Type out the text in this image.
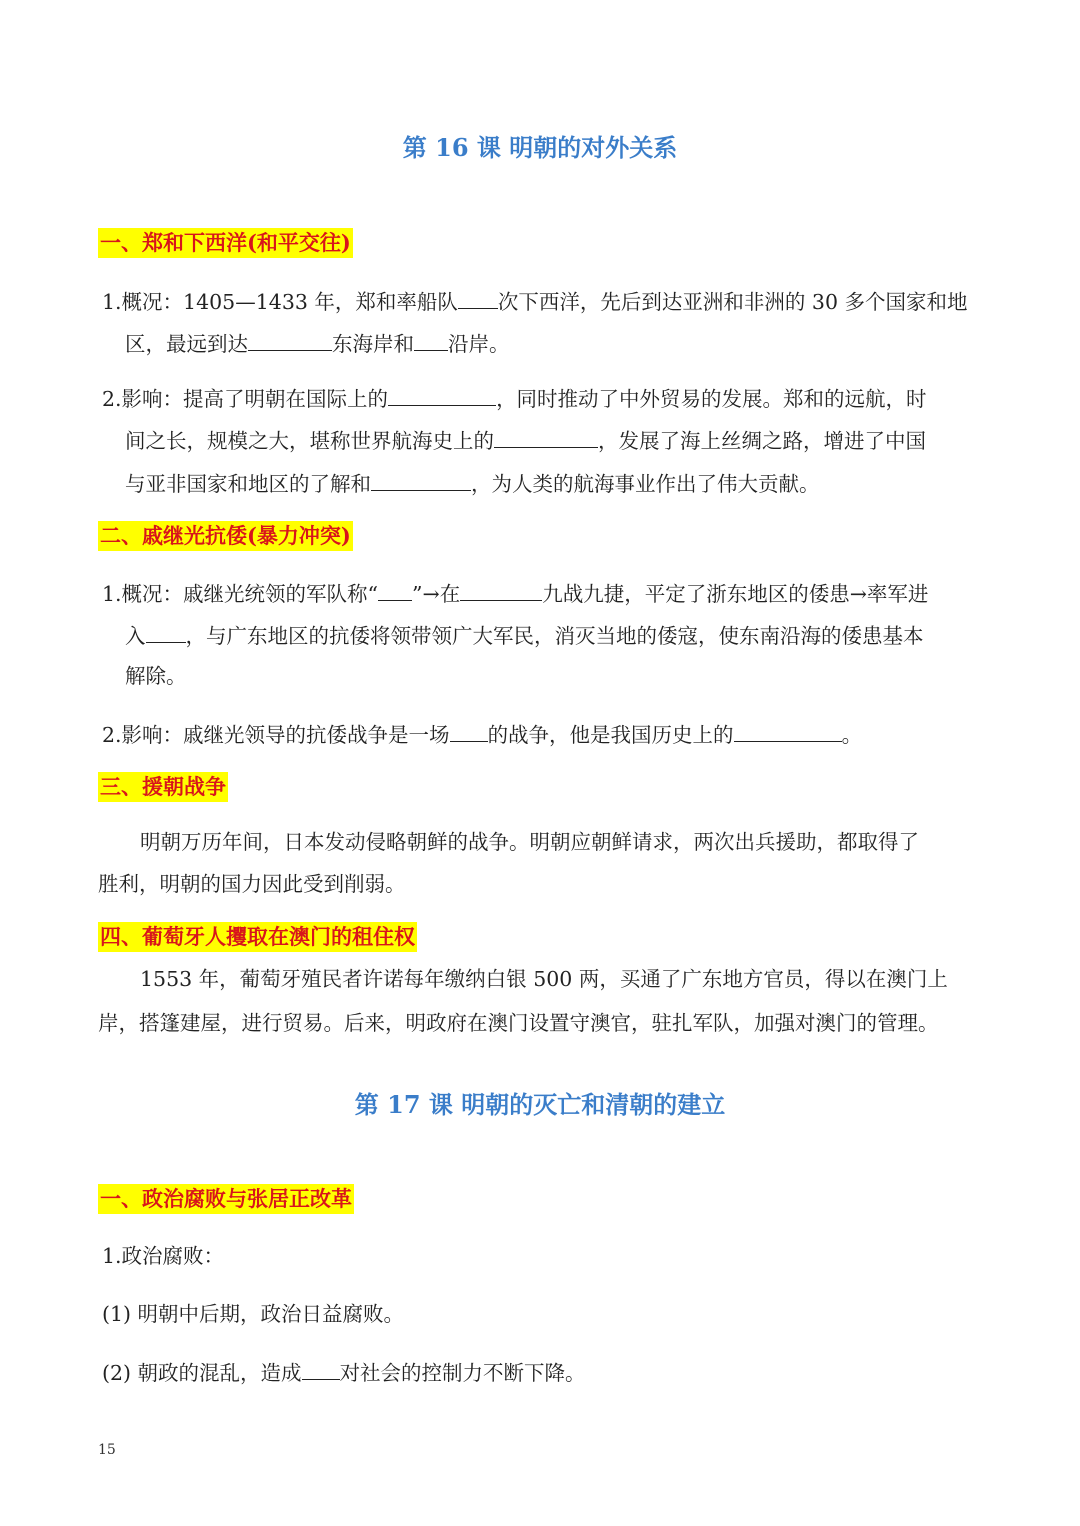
第 16 课 明朝的对外关系
一、郑和下西洋(和平交往)
1.概况：1405—1433 年，郑和率船队 次下西洋，先后到达亚洲和非洲的 30 多个国家和地
区，最远到达	东海岸和 沿岸。
2.影响：提高了明朝在国际上的	，同时推动了中外贸易的发展。郑和的远航，时
间之长，规模之大，堪称世界航海史上的	，发展了海上丝绸之路，增进了中国
与亚非国家和地区的了解和	，为人类的航海事业作出了伟大贡献。
二、戚继光抗倭(暴力冲突)
1.概况：戚继光统领的军队称“ ”→在	九战九捷，平定了浙东地区的倭患→率军进
入 ，与广东地区的抗倭将领带领广大军民，消灭当地的倭寇，使东南沿海的倭患基本
解除。
2.影响：戚继光领导的抗倭战争是一场 的战争，他是我国历史上的	。
三、援朝战争
明朝万历年间，日本发动侵略朝鲜的战争。明朝应朝鲜请求，两次出兵援助，都取得了
胜利，明朝的国力因此受到削弱。
四、葡萄牙人攫取在澳门的租住权
1553 年，葡萄牙殖民者许诺每年缴纳白银 500 两，买通了广东地方官员，得以在澳门上
岸，搭篷建屋，进行贸易。后来，明政府在澳门设置守澳官，驻扎军队，加强对澳门的管理。
第 17 课 明朝的灭亡和清朝的建立
一、政治腐败与张居正改革
1.政治腐败：
(1) 明朝中后期，政治日益腐败。
(2) 朝政的混乱，造成 对社会的控制力不断下降。
15
